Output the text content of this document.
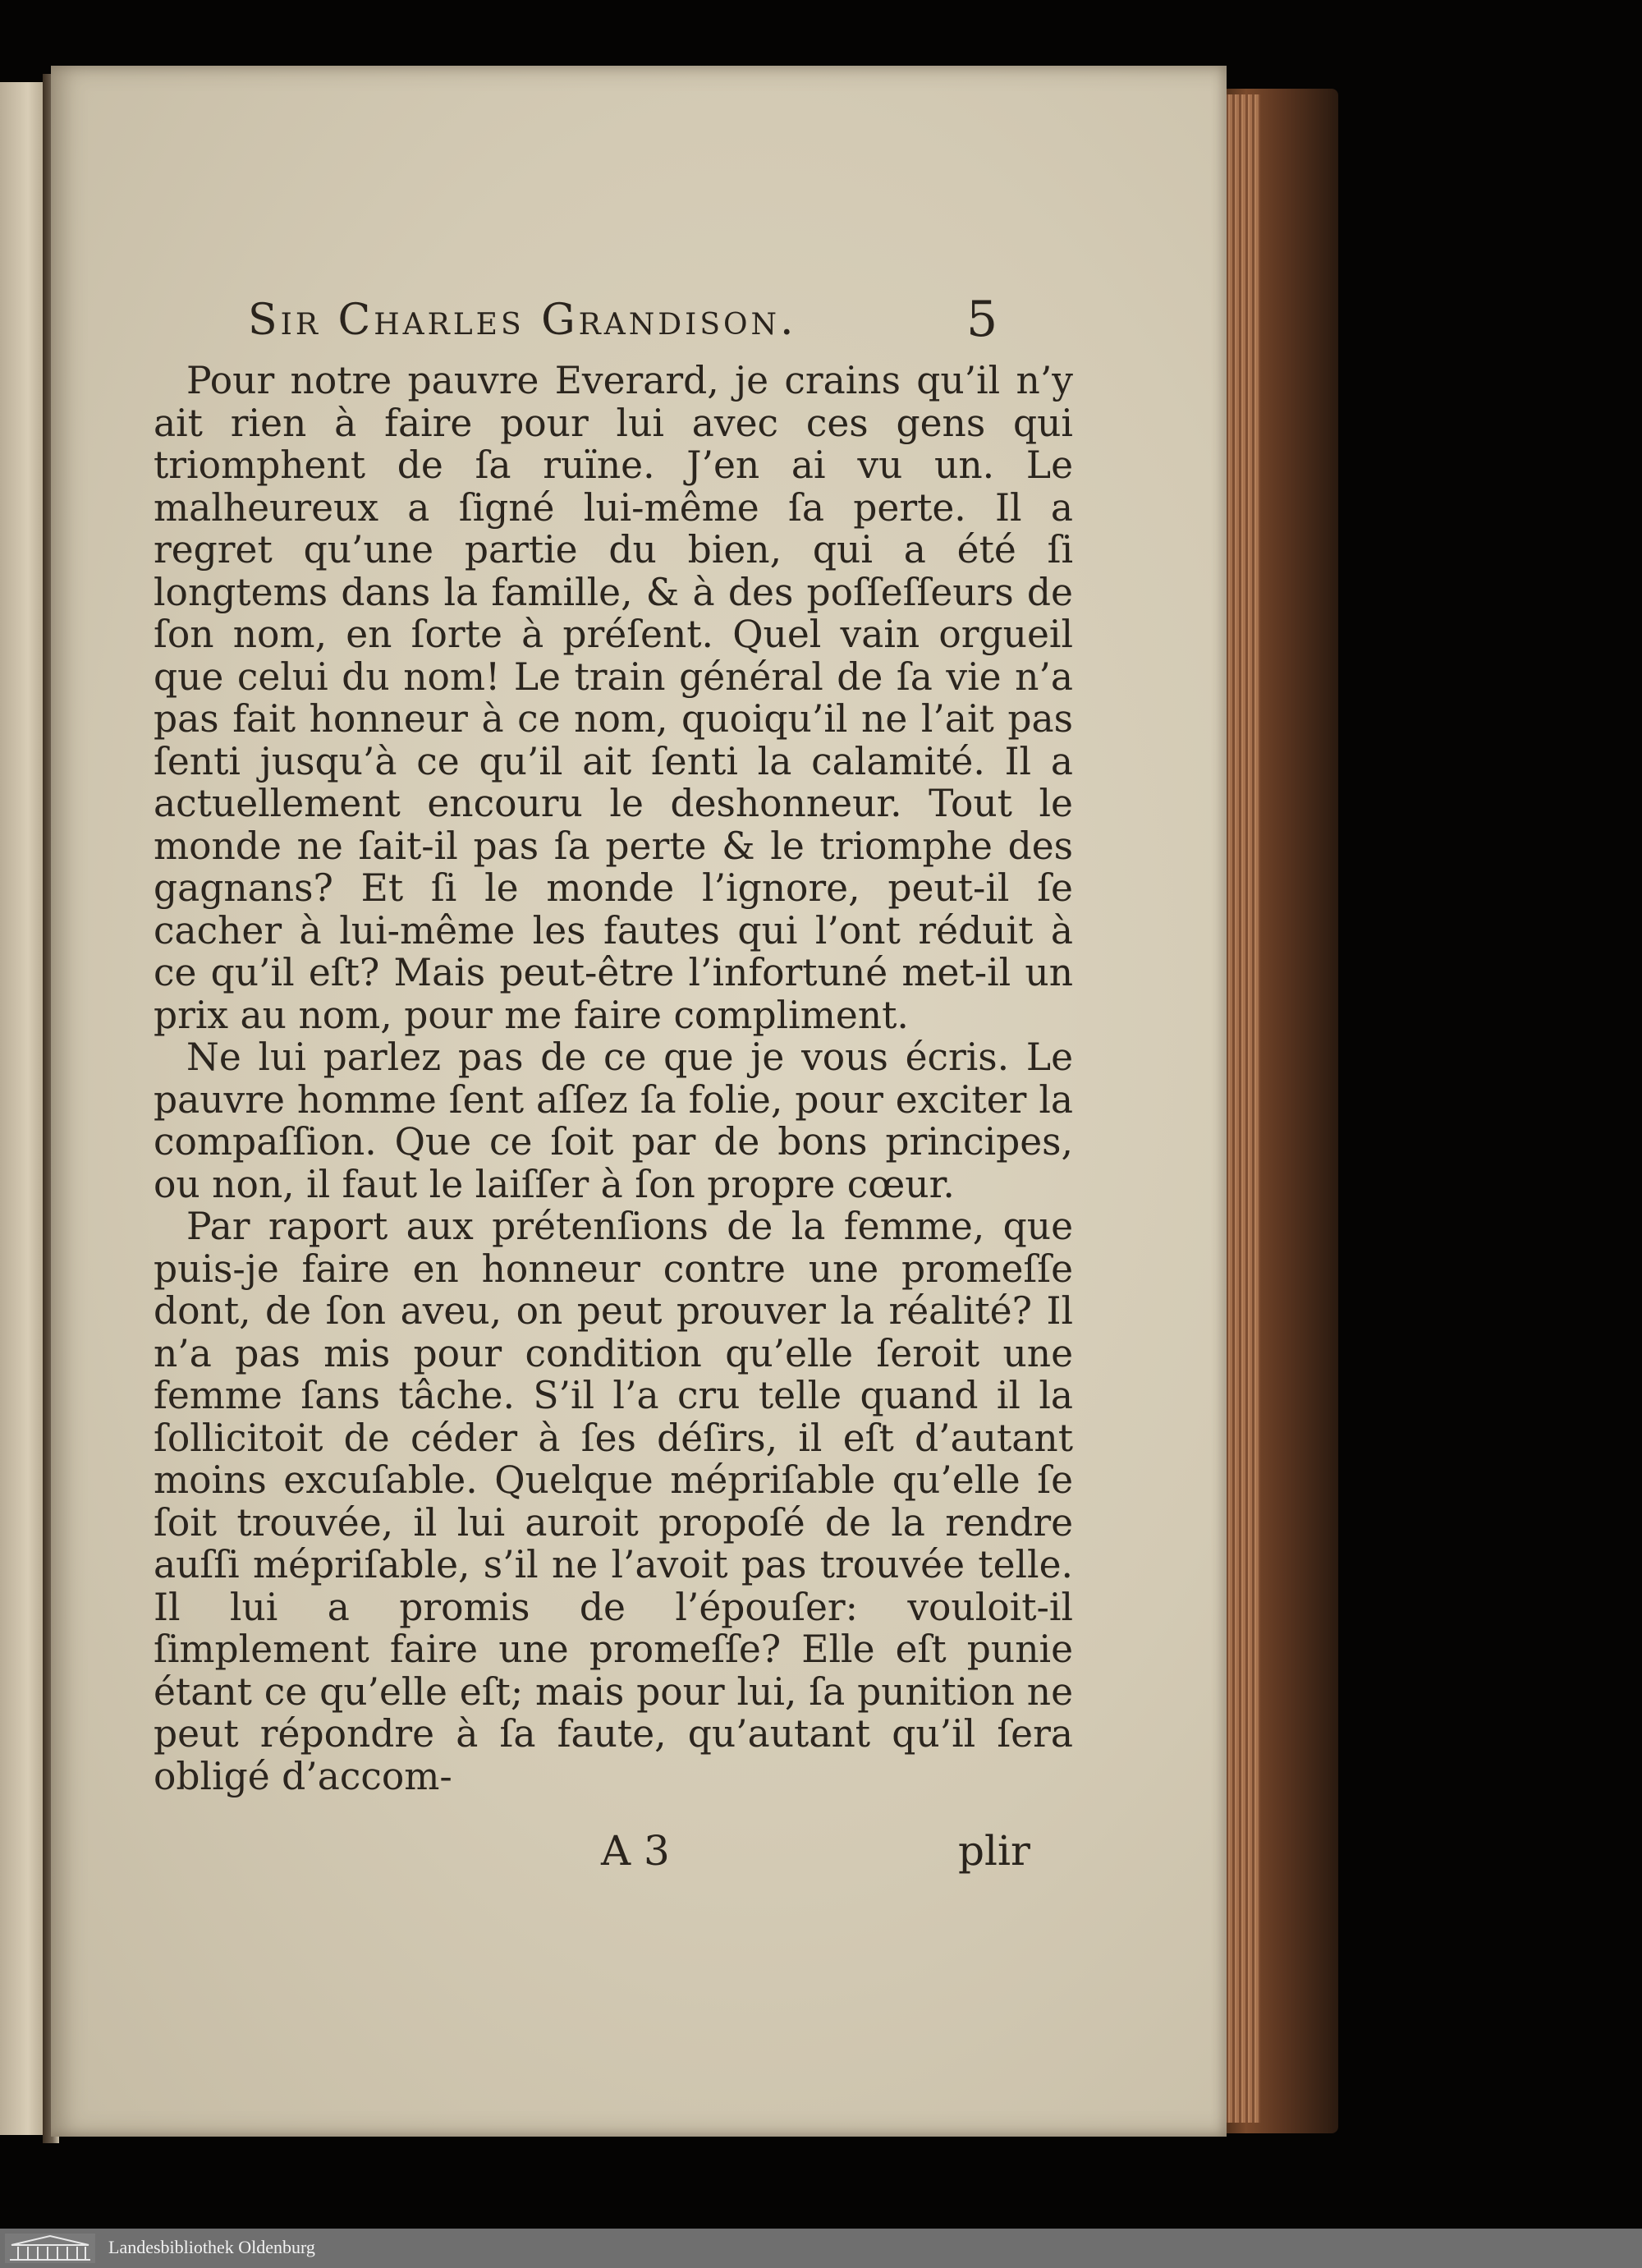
Sir Charles Grandison.	5

Pour notre pauvre Everard, je crains qu’il n’y ait rien à faire pour lui avec ces gens qui triomphent de ſa ruïne. J’en ai vu un. Le malheureux a ſigné lui-même ſa perte. Il a regret qu’une partie du bien, qui a été ſi longtems dans la famille, & à des poſſeſſeurs de ſon nom, en ſorte à préſent. Quel vain orgueil que celui du nom! Le train général de ſa vie n’a pas fait honneur à ce nom, quoiqu’il ne l’ait pas ſenti jusqu’à ce qu’il ait ſenti la calamité. Il a actuellement encouru le deshonneur. Tout le monde ne ſait-il pas ſa perte & le triomphe des gagnans? Et ſi le monde l’ignore, peut-il ſe cacher à lui-même les fautes qui l’ont réduit à ce qu’il eſt? Mais peut-être l’infortuné met-il un prix au nom, pour me faire compliment.

Ne lui parlez pas de ce que je vous écris. Le pauvre homme ſent aſſez ſa folie, pour exciter la compaſſion. Que ce ſoit par de bons principes, ou non, il faut le laiſſer à ſon propre cœur.

Par raport aux prétenſions de la femme, que puis-je faire en honneur contre une promeſſe dont, de ſon aveu, on peut prouver la réalité? Il n’a pas mis pour condition qu’elle ſeroit une femme ſans tâche. S’il l’a cru telle quand il la ſollicitoit de céder à ſes déſirs, il eſt d’autant moins excuſable. Quelque mépriſable qu’elle ſe ſoit trouvée, il lui auroit propoſé de la rendre auſſi mépriſable, s’il ne l’avoit pas trouvée telle. Il lui a promis de l’épouſer: vouloit-il ſimplement faire une promeſſe? Elle eſt punie étant ce qu’elle eſt; mais pour lui, ſa punition ne peut répondre à ſa faute, qu’autant qu’il ſera obligé d’accom-

A 3	plir
Landesbibliothek Oldenburg
